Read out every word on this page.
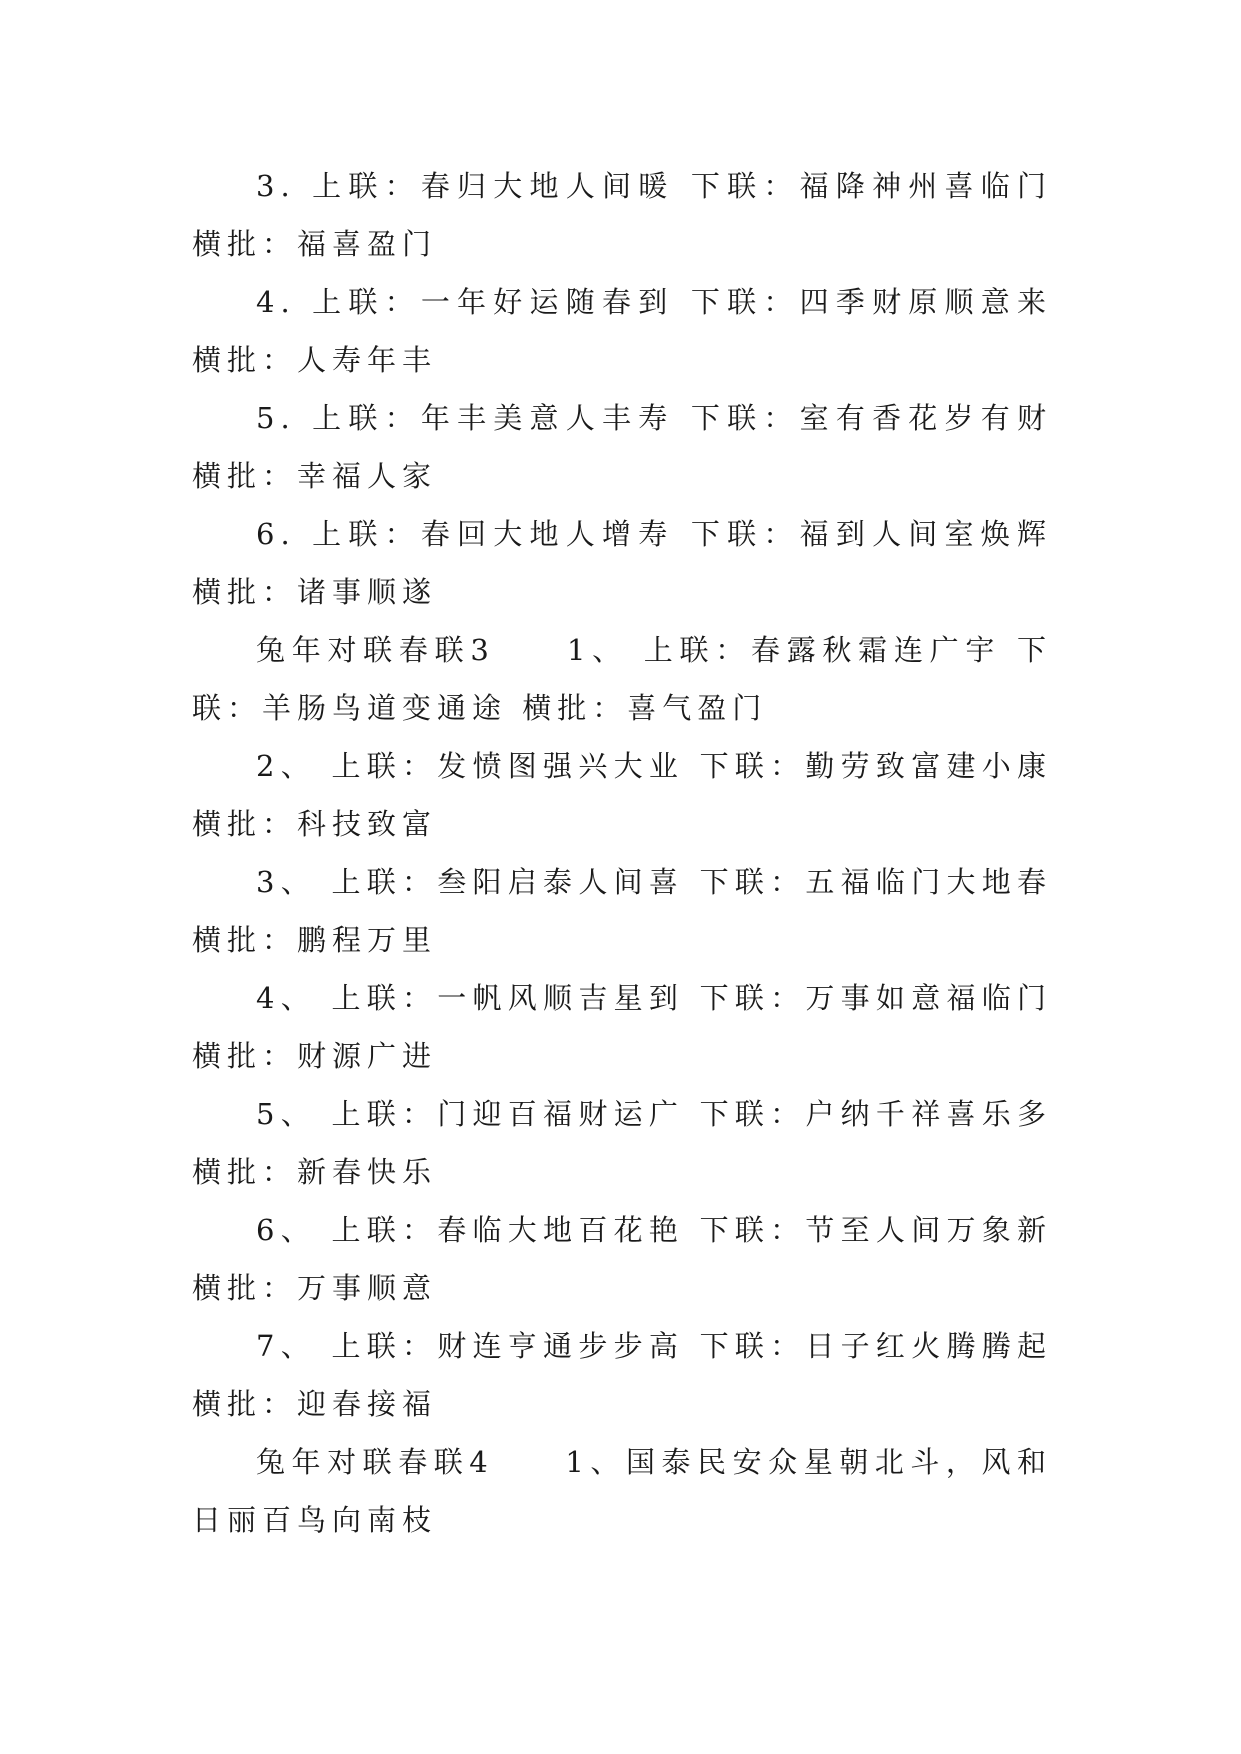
3. 上联：春归大地人间暖 下联：福降神州喜临门 横批：福喜盈门

4. 上联：一年好运随春到 下联：四季财原顺意来 横批：人寿年丰

5. 上联：年丰美意人丰寿 下联：室有香花岁有财 横批：幸福人家

6. 上联：春回大地人增寿 下联：福到人间室焕辉 横批：诸事顺遂

兔年对联春联3　　1、 上联：春露秋霜连广宇 下联：羊肠鸟道变通途 横批：喜气盈门

2、 上联：发愤图强兴大业 下联：勤劳致富建小康 横批：科技致富

3、 上联：叁阳启泰人间喜 下联：五福临门大地春 横批：鹏程万里

4、 上联：一帆风顺吉星到 下联：万事如意福临门 横批：财源广进

5、 上联：门迎百福财运广 下联：户纳千祥喜乐多 横批：新春快乐

6、 上联：春临大地百花艳 下联：节至人间万象新 横批：万事顺意

7、 上联：财连亨通步步高 下联：日子红火腾腾起 横批：迎春接福

兔年对联春联4　　1、国泰民安众星朝北斗，风和日丽百鸟向南枝
